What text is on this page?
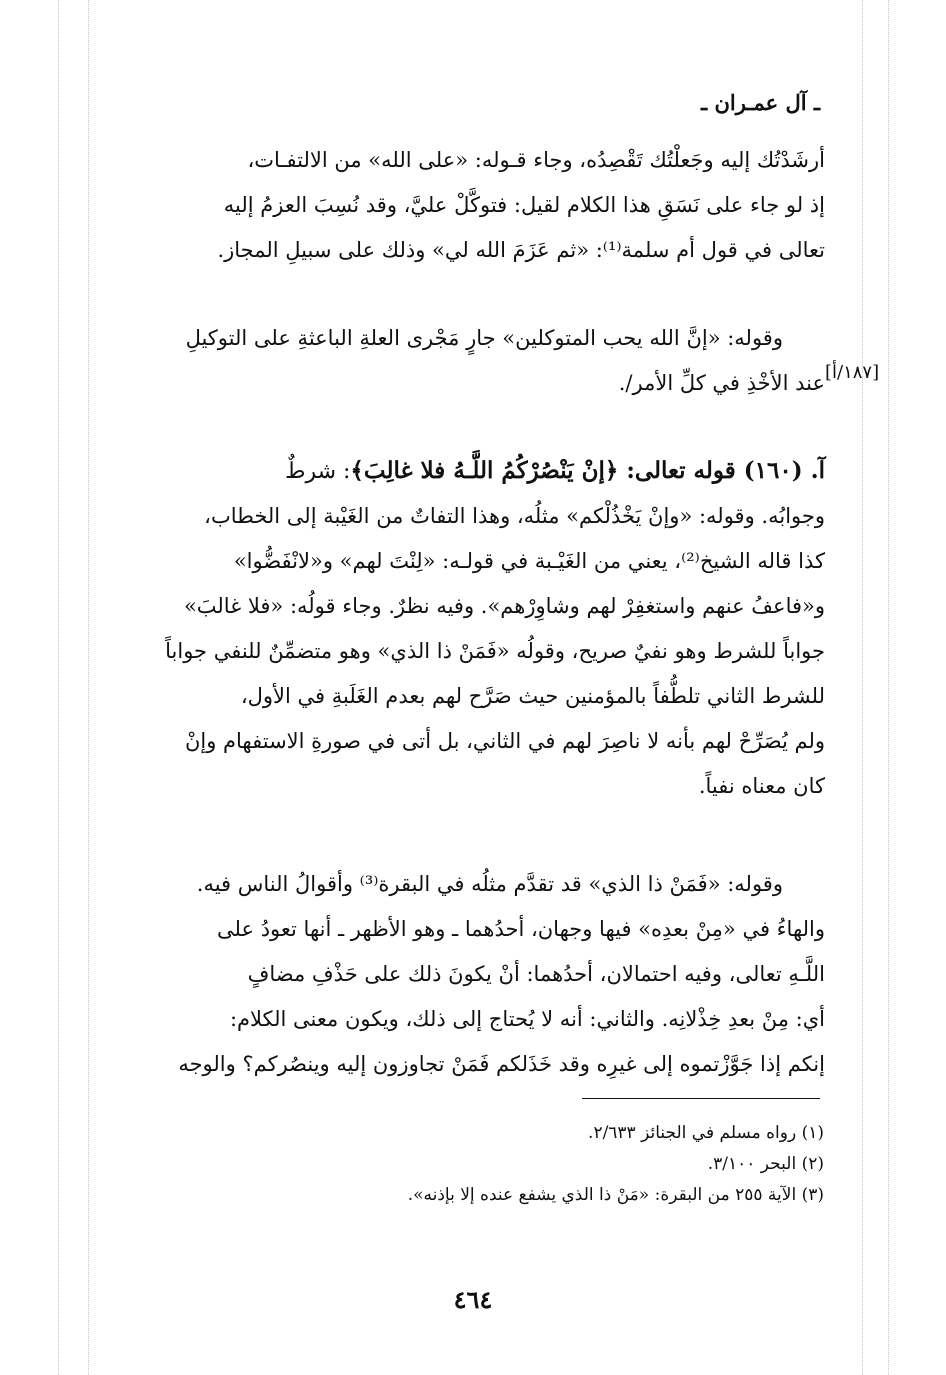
ـ آل عمـران ـ

أرشَدْتُك إليه وجَعلْتُك تَقْصِدُه، وجاء قـوله: «على الله» من الالتفـات،

إذ لو جاء على نَسَقِ هذا الكلام لقيل: فتوكَّلْ عليَّ، وقد نُسِبَ العزمُ إليه

تعالى في قول أم سلمة⁽¹⁾: «ثم عَزَمَ الله لي» وذلك على سبيلِ المجاز.

وقوله: «إنَّ الله يحب المتوكلين» جارٍ مَجْرى العلةِ الباعثةِ على التوكيلِ

عند الأخْذِ في كلِّ الأمر/. [١٨٧/أ]

آ. (١٦٠) قوله تعالى: ﴿إنْ يَنْصُرْكُمُ اللَّـهُ فلا غالِبَ﴾: شرطٌ

وجوابُه. وقوله: «وإنْ يَخْذُلْكم» مثلُه، وهذا التفاتٌ من الغَيْبة إلى الخطاب،

كذا قاله الشيخ⁽²⁾، يعني من الغَيْـبة في قولـه: «لِنْتَ لهم» و«لانْفَضُّوا»

و«فاعفُ عنهم واستغفِرْ لهم وشاوِرْهم». وفيه نظرٌ. وجاء قولُه: «فلا غالبَ»

جواباً للشرط وهو نفيٌ صريح، وقولُه «فَمَنْ ذا الذي» وهو متضمِّنٌ للنفي جواباً

للشرط الثاني تلطُّفاً بالمؤمنين حيث صَرَّح لهم بعدم الغَلَبةِ في الأول،

ولم يُصَرِّحْ لهم بأنه لا ناصِرَ لهم في الثاني، بل أتى في صورةِ الاستفهام وإنْ

كان معناه نفياً.

وقوله: «فَمَنْ ذا الذي» قد تقدَّم مثلُه في البقرة⁽³⁾ وأقوالُ الناس فيه.

والهاءُ في «مِنْ بعدِه» فيها وجهان، أحدُهما ـ وهو الأظهر ـ أنها تعودُ على

اللَّـهِ تعالى، وفيه احتمالان، أحدُهما: أنْ يكونَ ذلك على حَذْفِ مضافٍ

أي: مِنْ بعدِ خِذْلانِه. والثاني: أنه لا يُحتاج إلى ذلك، ويكون معنى الكلام:

إنكم إذا جَوَّزْتموه إلى غيرِه وقد خَذَلكم فَمَنْ تجاوزون إليه وينصُركم؟ والوجه

(١) رواه مسلم في الجنائز ٢/٦٣٣.

(٢) البحر ٣/١٠٠.

(٣) الآية ٢٥٥ من البقرة: «مَنْ ذا الذي يشفع عنده إلا بإذنه».

٤٦٤
